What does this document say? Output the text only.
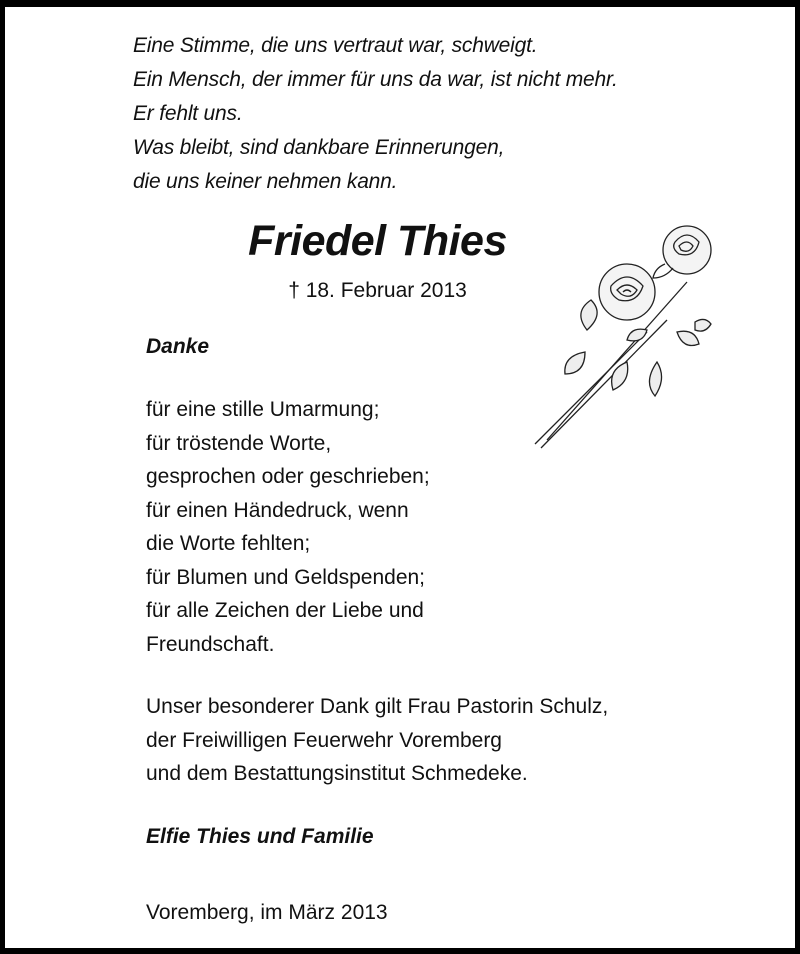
Eine Stimme, die uns vertraut war, schweigt.
Ein Mensch, der immer für uns da war, ist nicht mehr.
Er fehlt uns.
Was bleibt, sind dankbare Erinnerungen,
die uns keiner nehmen kann.
Friedel Thies
† 18. Februar 2013
Danke
für eine stille Umarmung;
für tröstende Worte,
gesprochen oder geschrieben;
für einen Händedruck, wenn
die Worte fehlten;
für Blumen und Geldspenden;
für alle Zeichen der Liebe und
Freundschaft.
Unser besonderer Dank gilt Frau Pastorin Schulz,
der Freiwilligen Feuerwehr Voremberg
und dem Bestattungsinstitut Schmedeke.
Elfie Thies und Familie
Voremberg, im März 2013
